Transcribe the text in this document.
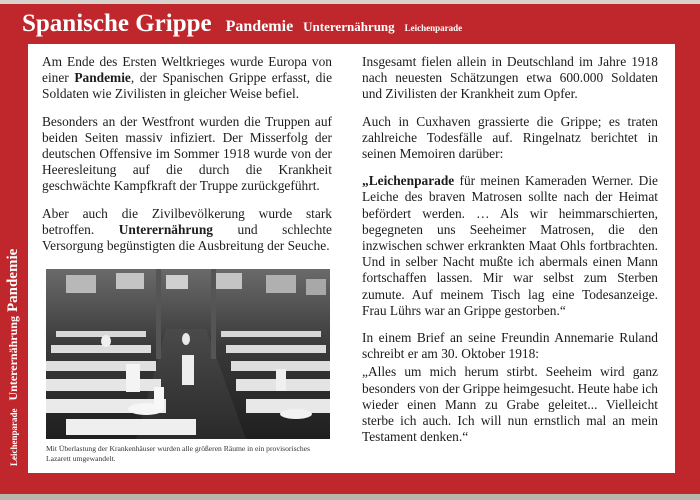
Spanische Grippe Pandemie Unterernährung Leichenparade
Leichenparade Unterernährung Pandemie

Am Ende des Ersten Weltkrieges wurde Europa von einer Pandemie, der Spanischen Grippe erfasst, die Soldaten wie Zivilisten in gleicher Weise befiel.

Besonders an der Westfront wurden die Truppen auf beiden Seiten massiv infiziert. Der Misserfolg der deutschen Offensive im Sommer 1918 wurde von der Heeresleitung auf die durch die Krankheit geschwächte Kampfkraft der Truppe zurückgeführt.

Aber auch die Zivilbevölkerung wurde stark betroffen. Unterernährung und schlechte Versorgung begünstigten die Ausbreitung der Seuche.

Mit Überlastung der Krankenhäuser wurden alle größeren Räume in ein provisorisches Lazarett umgewandelt.

Insgesamt fielen allein in Deutschland im Jahre 1918 nach neuesten Schätzungen etwa 600.000 Soldaten und Zivilisten der Krankheit zum Opfer.

Auch in Cuxhaven grassierte die Grippe; es traten zahlreiche Todesfälle auf. Ringelnatz berichtet in seinen Memoiren darüber:

„Leichenparade für meinen Kameraden Werner. Die Leiche des braven Matrosen sollte nach der Heimat befördert werden. … Als wir heimmarschierten, begegneten uns Seeheimer Matrosen, die den inzwischen schwer erkrankten Maat Ohls fortbrachten. Und in selber Nacht mußte ich abermals einen Mann fortschaffen lassen. Mir war selbst zum Sterben zumute. Auf meinem Tisch lag eine Todesanzeige. Frau Lührs war an Grippe gestorben.“

In einem Brief an seine Freundin Annemarie Ruland schreibt er am 30. Oktober 1918:

„Alles um mich herum stirbt. Seeheim wird ganz besonders von der Grippe heimgesucht. Heute habe ich wieder einen Mann zu Grabe geleitet... Vielleicht sterbe ich auch. Ich will nun ernstlich mal an mein Testament denken.“
